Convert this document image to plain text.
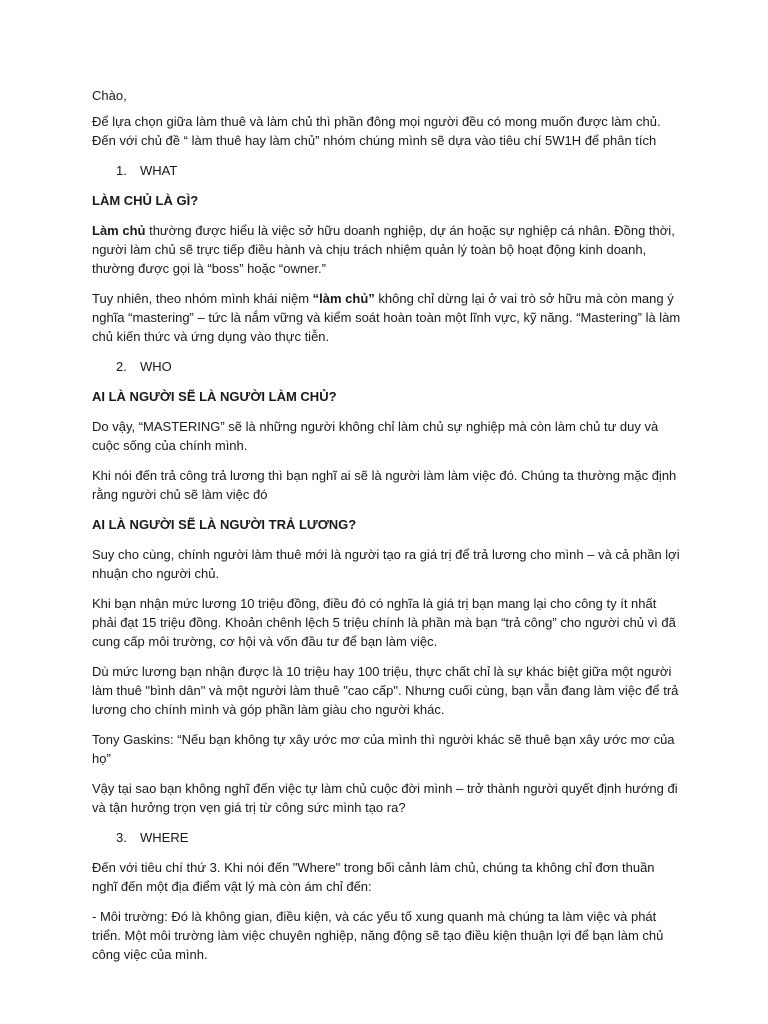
Chào,

Để lựa chọn giữa làm thuê và làm chủ thì phần đông mọi người đều có mong muốn được làm chủ. Đến với chủ đề “ làm thuê hay làm chủ” nhóm chúng mình sẽ dựa vào tiêu chí 5W1H để phân tích

1. WHAT

LÀM CHỦ LÀ GÌ?

Làm chủ thường được hiểu là việc sở hữu doanh nghiệp, dự án hoặc sự nghiệp cá nhân. Đồng thời, người làm chủ sẽ trực tiếp điều hành và chịu trách nhiệm quản lý toàn bộ hoạt động kinh doanh, thường được gọi là “boss” hoặc “owner.”

Tuy nhiên, theo nhóm mình khái niệm “làm chủ” không chỉ dừng lại ở vai trò sở hữu mà còn mang ý nghĩa “mastering” – tức là nắm vững và kiểm soát hoàn toàn một lĩnh vực, kỹ năng. “Mastering” là làm chủ kiến thức và ứng dụng vào thực tiễn.

2. WHO

AI LÀ NGƯỜI SẼ LÀ NGƯỜI LÀM CHỦ?

Do vậy, “MASTERING” sẽ là những người không chỉ làm chủ sự nghiệp mà còn làm chủ tư duy và cuộc sống của chính mình.

Khi nói đến trả công trả lương thì bạn nghĩ ai sẽ là người làm làm việc đó. Chúng ta thường mặc định rằng người chủ sẽ làm việc đó

AI LÀ NGƯỜI SẼ LÀ NGƯỜI TRẢ LƯƠNG?

Suy cho cùng, chính người làm thuê mới là người tạo ra giá trị để trả lương cho mình – và cả phần lợi nhuận cho người chủ.

Khi bạn nhận mức lương 10 triệu đồng, điều đó có nghĩa là giá trị bạn mang lại cho công ty ít nhất phải đạt 15 triệu đồng. Khoản chênh lệch 5 triệu chính là phần mà bạn “trả công” cho người chủ vì đã cung cấp môi trường, cơ hội và vốn đầu tư để bạn làm việc.

Dù mức lương bạn nhận được là 10 triệu hay 100 triệu, thực chất chỉ là sự khác biệt giữa một người làm thuê "bình dân" và một người làm thuê "cao cấp". Nhưng cuối cùng, bạn vẫn đang làm việc để trả lương cho chính mình và góp phần làm giàu cho người khác.

Tony Gaskins: “Nếu bạn không tự xây ước mơ của mình thì người khác sẽ thuê bạn xây ước mơ của họ”

Vậy tại sao bạn không nghĩ đến việc tự làm chủ cuộc đời mình – trở thành người quyết định hướng đi và tận hưởng trọn vẹn giá trị từ công sức mình tạo ra?

3. WHERE

Đến với tiêu chí thứ 3. Khi nói đến "Where" trong bối cảnh làm chủ, chúng ta không chỉ đơn thuần nghĩ đến một địa điểm vật lý mà còn ám chỉ đến:

- Môi trường: Đó là không gian, điều kiện, và các yếu tố xung quanh mà chúng ta làm việc và phát triển. Một môi trường làm việc chuyên nghiệp, năng động sẽ tạo điều kiện thuận lợi để bạn làm chủ công việc của mình.
